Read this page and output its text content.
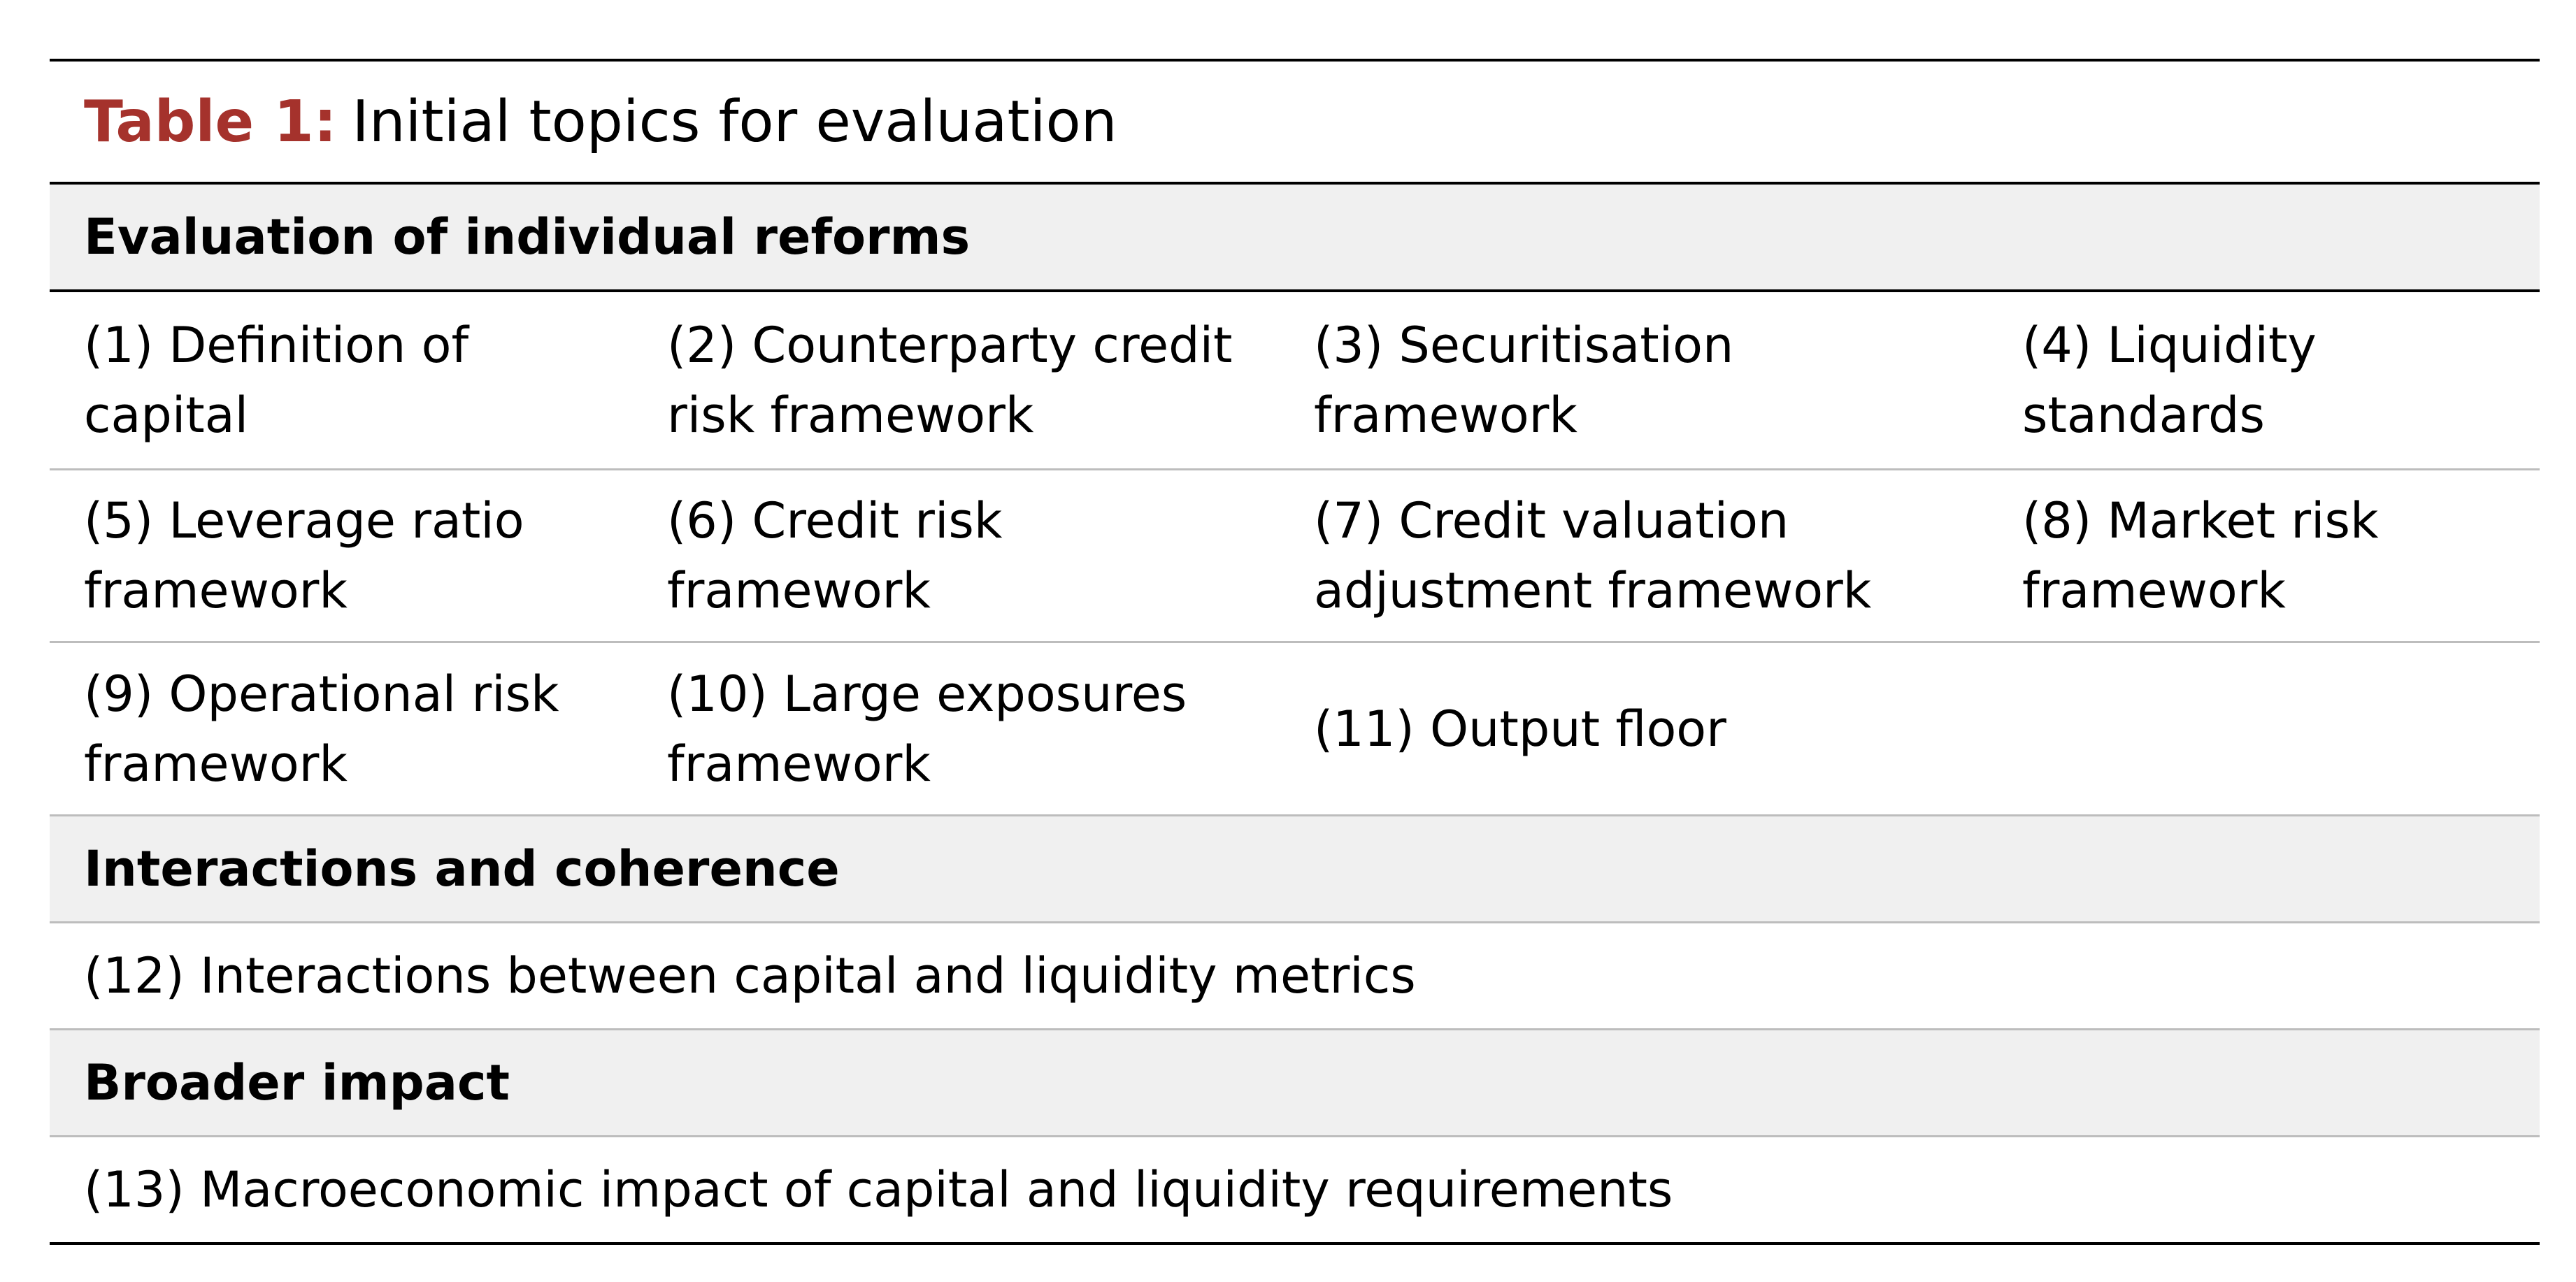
Table 1: Initial topics for evaluation
Evaluation of individual reforms
(1) Definition of capital
(2) Counterparty credit risk framework
(3) Securitisation framework
(4) Liquidity standards
(5) Leverage ratio framework
(6) Credit risk framework
(7) Credit valuation adjustment framework
(8) Market risk framework
(9) Operational risk framework
(10) Large exposures framework
(11) Output floor
Interactions and coherence
(12) Interactions between capital and liquidity metrics
Broader impact
(13) Macroeconomic impact of capital and liquidity requirements
